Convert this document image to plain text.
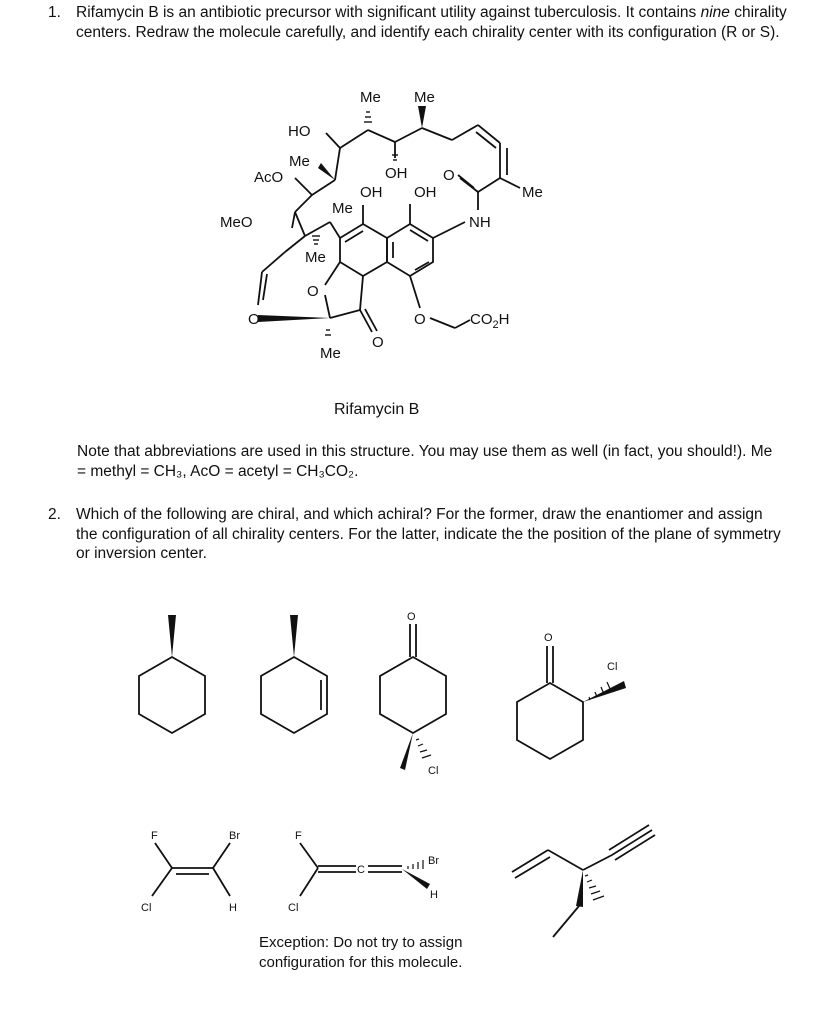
1. Rifamycin B is an antibiotic precursor with significant utility against tuberculosis. It contains nine chirality centers. Redraw the molecule carefully, and identify each chirality center with its configuration (R or S).
Me Me
HO
Me
AcO	OH
OH OH
O
Me
Me
MeO	NH
Me
O
O	O
O
Me
$CO_2H$
O
Cl
O
Cl
F	Br
Cl	H
F
Cl
C
Br
H
Rifamycin B
Note that abbreviations are used in this structure. You may use them as well (in fact, you should!). Me = methyl = CH₃, AcO = acetyl = CH₃CO₂.
2. Which of the following are chiral, and which achiral? For the former, draw the enantiomer and assign the configuration of all chirality centers. For the latter, indicate the the position of the plane of symmetry or inversion center.
Exception: Do not try to assign configuration for this molecule.
